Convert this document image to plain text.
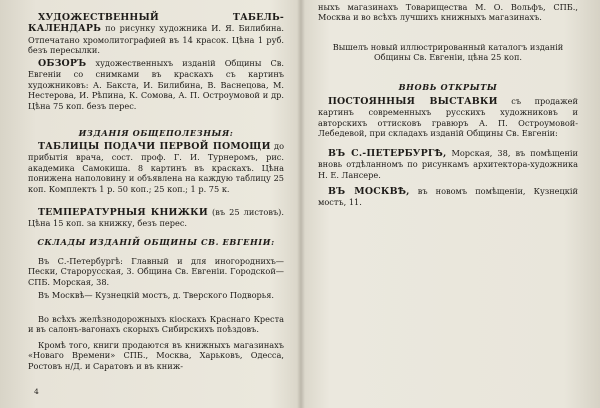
ХУДОЖЕСТВЕННЫЙ ТАБЕЛЬ-КАЛЕНДАРЬ по рисунку художника И. Я. Билибина. Отпечатано хромолитографией въ 14 красок. Цѣна 1 руб. безъ пересылки.

ОБЗОРЪ художественныхъ изданій Общины Св. Евгеніи со снимками въ краскахъ съ картинъ художниковъ: А. Бакста, И. Билибина, В. Васнецова, М. Нестерова, И. Рѣпина, К. Сомова, А. П. Остроумовой и др. Цѣна 75 коп. безъ перес.

ИЗДАНІЯ ОБЩЕПОЛЕЗНЫЯ:

ТАБЛИЦЫ ПОДАЧИ ПЕРВОЙ ПОМОЩИ до прибытія врача, сост. проф. Г. И. Турнеромъ, рис. академика Самокиша. 8 картинъ въ краскахъ. Цѣна понижена наполовину и объявлена на каждую таблицу 25 коп. Комплектъ 1 р. 50 коп.; 25 коп.; 1 р. 75 к.

ТЕМПЕРАТУРНЫЯ КНИЖКИ (въ 25 листовъ). Цѣна 15 коп. за книжку, безъ перес.

СКЛАДЫ ИЗДАНІЙ ОБЩИНЫ СВ. ЕВГЕНІИ:

Въ С.-Петербургѣ: Главный и для иногороднихъ— Пески, Старорусская, 3. Община Св. Евгеніи. Городской—СПБ. Морская, 38.

Въ Москвѣ— Кузнецкій мостъ, д. Тверского Подворья.

Во всѣхъ желѣзнодорожныхъ кіоскахъ Краснаго Креста и въ салонъ-вагонахъ скорыхъ Сибирскихъ поѣздовъ.

Кромѣ того, книги продаются въ книжныхъ магазинахъ «Новаго Времени» СПБ., Москва, Харьковъ, Одесса, Ростовъ н/Д. и Саратовъ и въ книж-

4

ныхъ магазинахъ Товарищества М. О. Вольфъ, СПБ., Москва и во всѣхъ лучшихъ книжныхъ магазинахъ.

Вышелъ новый иллюстрированный каталогъ изданій Общины Св. Евгеніи, цѣна 25 коп.

ВНОВЬ ОТКРЫТЫ

ПОСТОЯННЫЯ ВЫСТАВКИ съ продажей картинъ современныхъ русскихъ художниковъ и авторскихъ оттисковъ гравюръ А. П. Остроумовой-Лебедевой, при складахъ изданій Общины Св. Евгеніи:

ВЪ С.-ПЕТЕРБУРГѢ, Морская, 38, въ помѣщеніи вновь отдѣланномъ по рисункамъ архитектора-художника Н. Е. Лансере.

ВЪ МОСКВѢ, въ новомъ помѣщеніи, Кузнецкій мостъ, 11.
